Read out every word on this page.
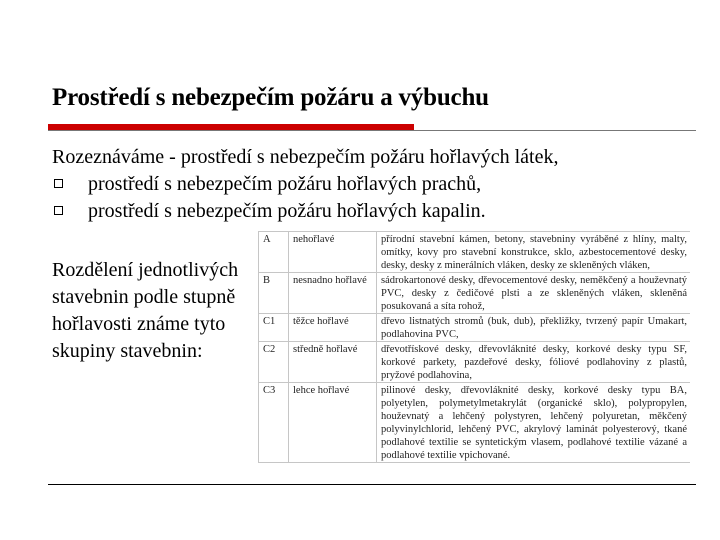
Prostředí s nebezpečím požáru a výbuchu
Rozeznáváme - prostředí s nebezpečím požáru hořlavých látek,
prostředí s nebezpečím požáru hořlavých prachů,
prostředí s nebezpečím požáru hořlavých kapalin.
Rozdělení jednotlivých
stavebnin podle stupně
hořlavosti známe tyto
skupiny stavebnin:
A	nehořlavé	přírodní stavební kámen, betony, stavebniny vyráběné z hlíny, malty, omítky, kovy pro stavební konstrukce, sklo, azbestocementové desky, desky, desky z minerálních vláken, desky ze skleněných vláken,
B	nesnadno hořlavé	sádrokartonové desky, dřevocementové desky, neměkčený a houževnatý PVC, desky z čedičové plsti a ze skleněných vláken, skleněná posukovaná a síta rohož,
C1	těžce hořlavé	dřevo listnatých stromů (buk, dub), překližky, tvrzený papír Umakart, podlahovina PVC,
C2	středně hořlavé	dřevotřískové desky, dřevovláknité desky, korkové desky typu SF, korkové parkety, pazdeřové desky, fóliové podlahoviny z plastů, pryžové podlahovina,
C3	lehce hořlavé	pilinové desky, dřevovláknité desky, korkové desky typu BA, polyetylen, polymetylmetakrylát (organické sklo), polypropylen, houževnatý a lehčený polystyren, lehčený polyuretan, měkčený polyvinylchlorid, lehčený PVC, akrylový laminát polyesterový, tkané podlahové textilie se syntetickým vlasem, podlahové textilie vázané a podlahové textilie vpichované.
